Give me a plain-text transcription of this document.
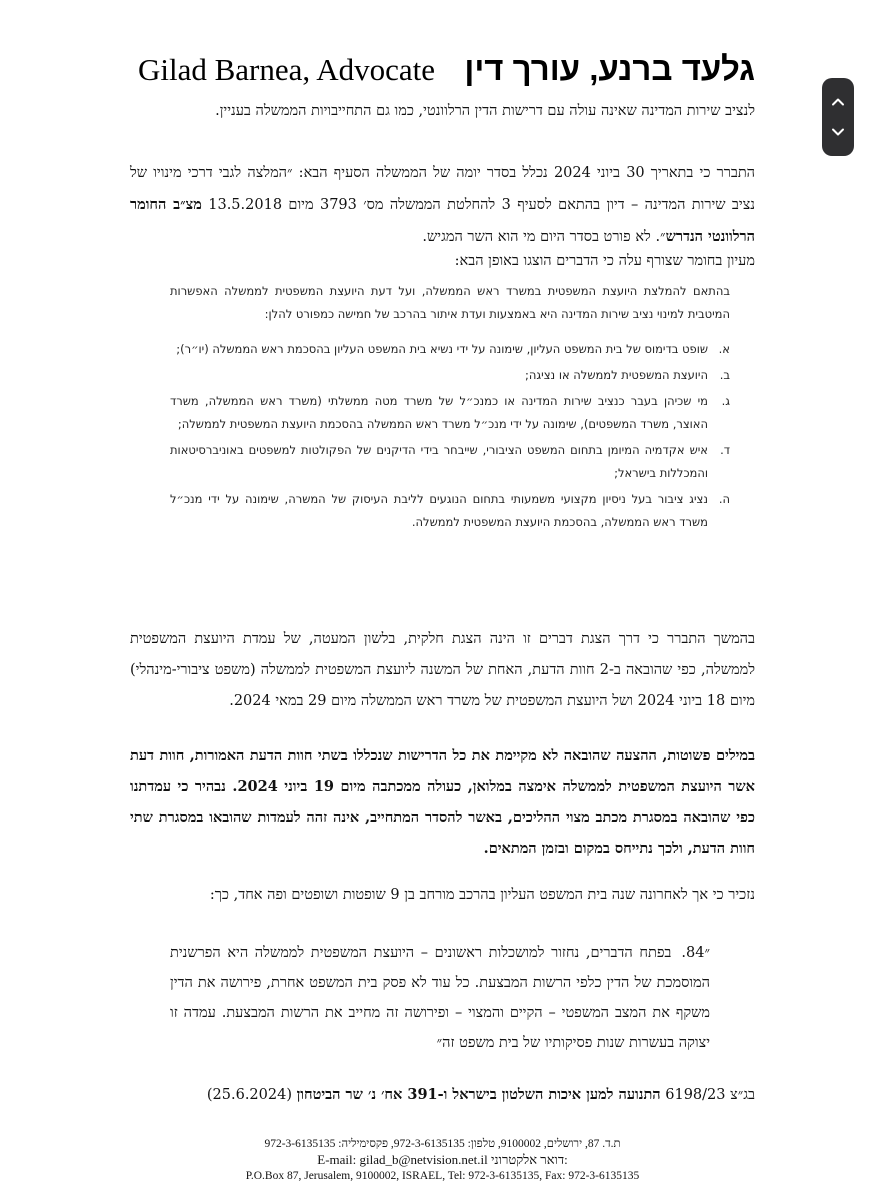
Gilad Barnea, Advocate גלעד ברנע, עורך דין

לנציב שירות המדינה שאינה עולה עם דרישות הדין הרלוונטי, כמו גם התחייבויות הממשלה בעניין.

התברר כי בתאריך 30 ביוני 2024 נכלל בסדר יומה של הממשלה הסעיף הבא: ״המלצה לגבי דרכי מינויו של נציב שירות המדינה – דיון בהתאם לסעיף 3 להחלטת הממשלה מס׳ 3793 מיום 13.5.2018 מצ״ב החומר הרלוונטי הנדרש״. לא פורט בסדר היום מי הוא השר המגיש.

מעיון בחומר שצורף עלה כי הדברים הוצגו באופן הבא:

בהתאם להמלצת היועצת המשפטית במשרד ראש הממשלה, ועל דעת היועצת המשפטית לממשלה האפשרות המיטבית למינוי נציב שירות המדינה היא באמצעות ועדת איתור בהרכב של חמישה כמפורט להלן:

א.
שופט בדימוס של בית המשפט העליון, שימונה על ידי נשיא בית המשפט העליון בהסכמת ראש הממשלה (יו״ר);
ב.
היועצת המשפטית לממשלה או נציגה;
ג.
מי שכיהן בעבר כנציב שירות המדינה או כמנכ״ל של משרד מטה ממשלתי (משרד ראש הממשלה, משרד האוצר, משרד המשפטים), שימונה על ידי מנכ״ל משרד ראש הממשלה בהסכמת היועצת המשפטית לממשלה;
ד.
איש אקדמיה המיומן בתחום המשפט הציבורי, שייבחר בידי הדיקנים של הפקולטות למשפטים באוניברסיטאות והמכללות בישראל;
ה.
נציג ציבור בעל ניסיון מקצועי משמעותי בתחום הנוגעים לליבת העיסוק של המשרה, שימונה על ידי מנכ״ל משרד ראש הממשלה, בהסכמת היועצת המשפטית לממשלה.

בהמשך התברר כי דרך הצגת דברים זו הינה הצגת חלקית, בלשון המעטה, של עמדת היועצת המשפטית לממשלה, כפי שהובאה ב-2 חוות הדעת, האחת של המשנה ליועצת המשפטית לממשלה (משפט ציבורי-מינהלי) מיום 18 ביוני 2024 ושל היועצת המשפטית של משרד ראש הממשלה מיום 29 במאי 2024.

במילים פשוטות, ההצעה שהובאה לא מקיימת את כל הדרישות שנכללו בשתי חוות הדעת האמורות, חוות דעת אשר היועצת המשפטית לממשלה אימצה במלואן, כעולה ממכתבה מיום 19 ביוני 2024. נבהיר כי עמדתנו כפי שהובאה במסגרת מכתב מצוי ההליכים, באשר להסדר המתחייב, אינה זהה לעמדות שהובאו במסגרת שתי חוות הדעת, ולכך נתייחס במקום ובזמן המתאים.

נזכיר כי אך לאחרונה שנה בית המשפט העליון בהרכב מורחב בן 9 שופטות ושופטים ופה אחד, כך:

״84.בפתח הדברים, נחזור למושכלות ראשונים – היועצת המשפטית לממשלה היא הפרשנית המוסמכת של הדין כלפי הרשות המבצעת. כל עוד לא פסק בית המשפט אחרת, פירושה את הדין משקף את המצב המשפטי – הקיים והמצוי – ופירושה זה מחייב את הרשות המבצעת. עמדה זו יצוקה בעשרות שנות פסיקותיו של בית משפט זה״

בג״צ 6198/23 התנועה למען איכות השלטון בישראל ו-391 אח׳ נ׳ שר הביטחון (25.6.2024)

ת.ד. 87, ירושלים, 9100002, טלפון: 972-3-6135135, פקסימיליה: 972-3-6135135
E-mail: gilad_b@netvision.net.il דואר אלקטרוני:
P.O.Box 87, Jerusalem, 9100002, ISRAEL, Tel: 972-3-6135135, Fax: 972-3-6135135
